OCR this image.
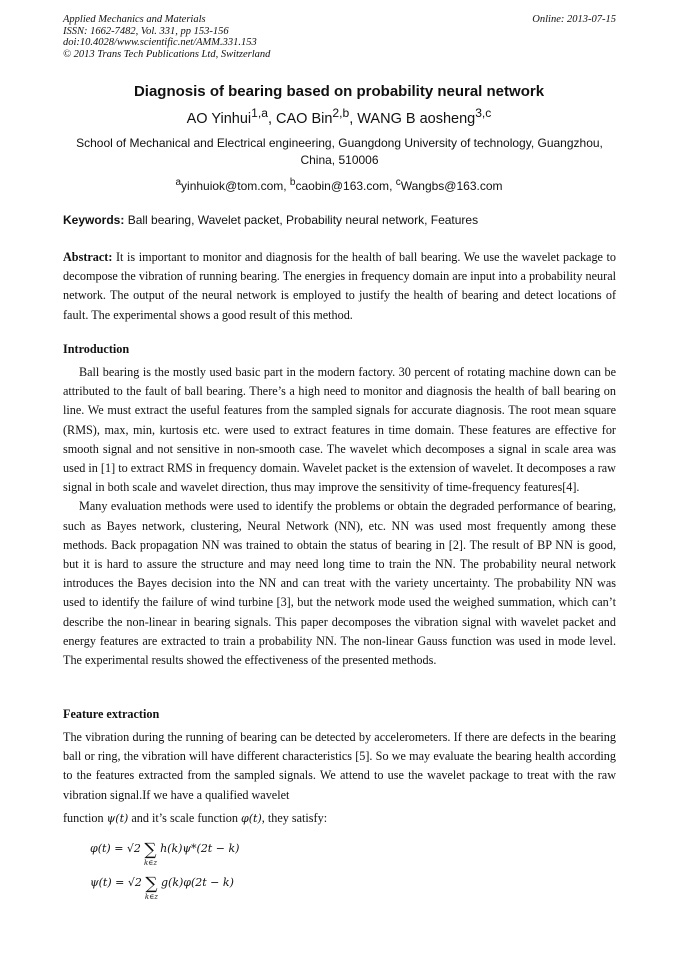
Applied Mechanics and Materials
ISSN: 1662-7482, Vol. 331, pp 153-156
doi:10.4028/www.scientific.net/AMM.331.153
© 2013 Trans Tech Publications Ltd, Switzerland
Online: 2013-07-15
Diagnosis of bearing based on probability neural network
AO Yinhui$^{1,a}$, CAO Bin$^{2,b}$, WANG B aosheng$^{3,c}$
School of Mechanical and Electrical engineering, Guangdong University of technology, Guangzhou, China, 510006
$^a$yinhuiok@tom.com, $^b$caobin@163.com, $^c$Wangbs@163.com
Keywords: Ball bearing, Wavelet packet, Probability neural network, Features
Abstract: It is important to monitor and diagnosis for the health of ball bearing. We use the wavelet package to decompose the vibration of running bearing. The energies in frequency domain are input into a probability neural network. The output of the neural network is employed to justify the health of bearing and detect locations of fault. The experimental shows a good result of this method.
Introduction

Ball bearing is the mostly used basic part in the modern factory. 30 percent of rotating machine down can be attributed to the fault of ball bearing. There’s a high need to monitor and diagnosis the health of ball bearing on line. We must extract the useful features from the sampled signals for accurate diagnosis. The root mean square (RMS), max, min, kurtosis etc. were used to extract features in time domain. These features are effective for smooth signal and not sensitive in non-smooth case. The wavelet which decomposes a signal in scale area was used in [1] to extract RMS in frequency domain. Wavelet packet is the extension of wavelet. It decomposes a raw signal in both scale and wavelet direction, thus may improve the sensitivity of time-frequency features[4].

Many evaluation methods were used to identify the problems or obtain the degraded performance of bearing, such as Bayes network, clustering, Neural Network (NN), etc. NN was used most frequently among these methods. Back propagation NN was trained to obtain the status of bearing in [2]. The result of BP NN is good, but it is hard to assure the structure and may need long time to train the NN. The probability neural network introduces the Bayes decision into the NN and can treat with the variety uncertainty. The probability NN was used to identify the failure of wind turbine [3], but the network mode used the weighed summation, which can’t describe the non-linear in bearing signals. This paper decomposes the vibration signal with wavelet packet and energy features are extracted to train a probability NN. The non-linear Gauss function was used in mode level. The experimental results showed the effectiveness of the presented methods.

Feature extraction

The vibration during the running of bearing can be detected by accelerometers. If there are defects in the bearing ball or ring, the vibration will have different characteristics [5]. So we may evaluate the bearing health according to the features extracted from the sampled signals. We attend to use the wavelet package to treat with the raw vibration signal.If we have a qualified wavelet

function ψ(t) and it’s scale function φ(t), they satisfy:
φ(t) = √2 ∑
k∈z
h(k)ψ*(2t − k)
ψ(t) = √2 ∑
k∈z
g(k)φ(2t − k)
